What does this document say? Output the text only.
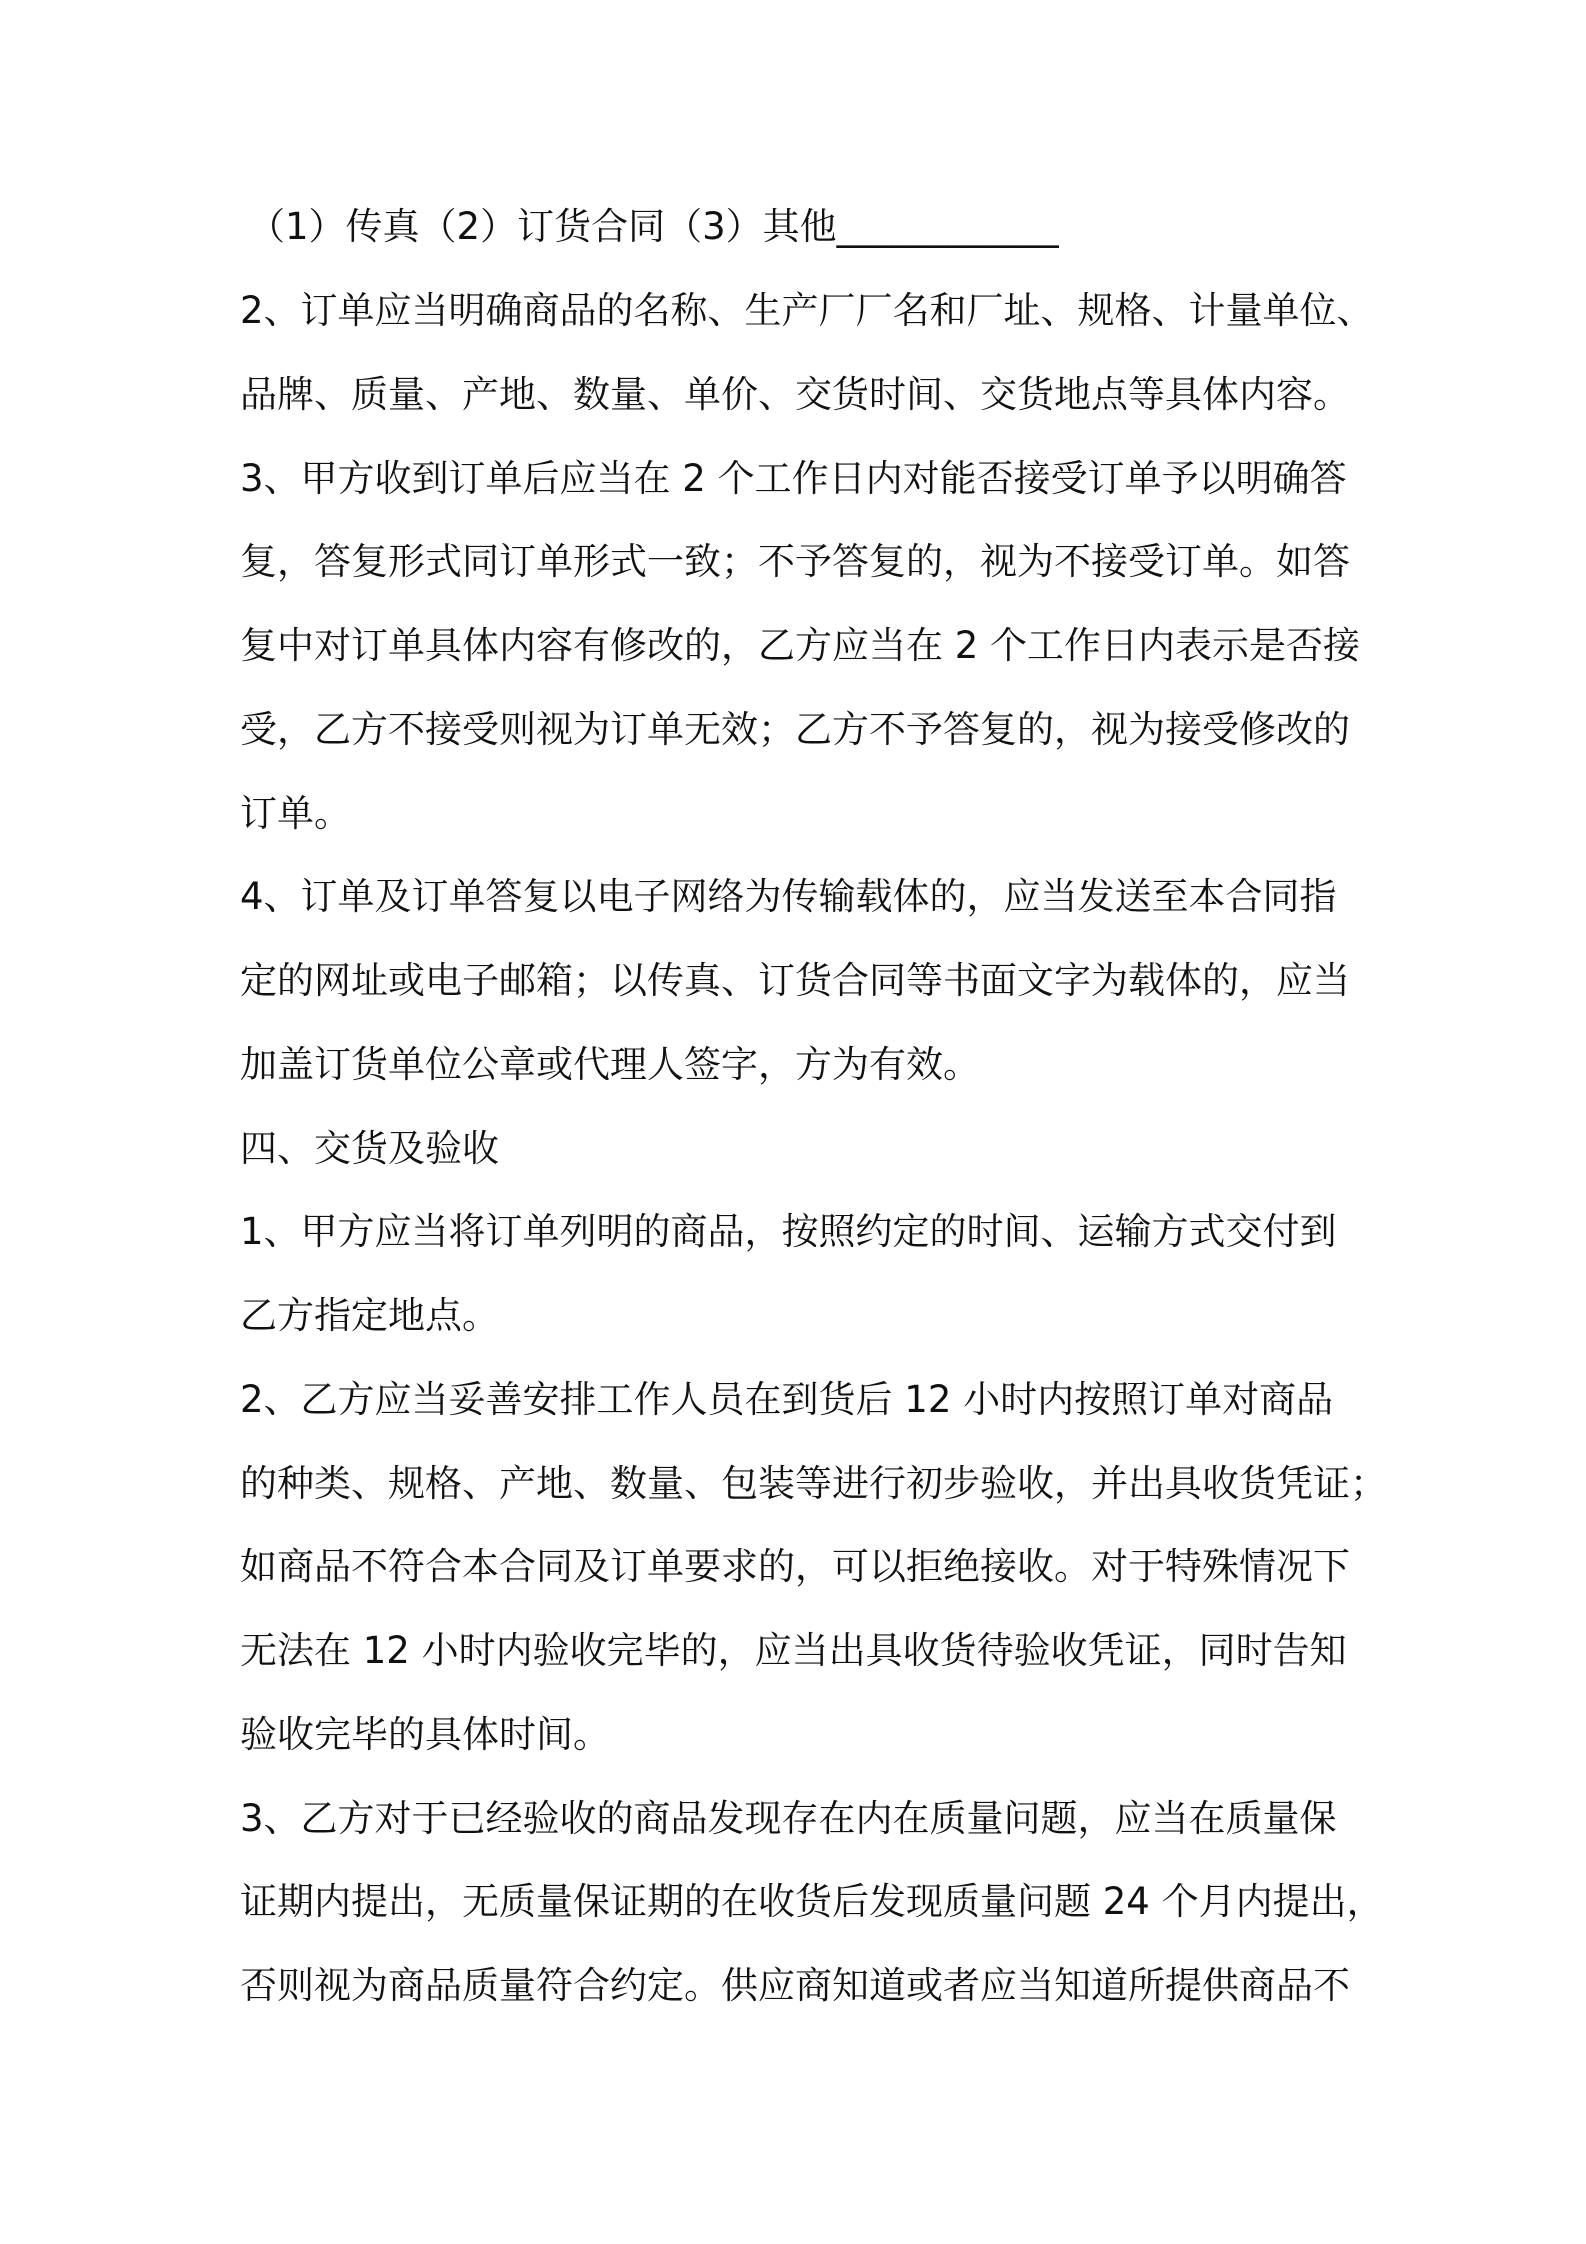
（1）传真（2）订货合同（3）其他____________

2、订单应当明确商品的名称、生产厂厂名和厂址、规格、计量单位、

品牌、质量、产地、数量、单价、交货时间、交货地点等具体内容。

3、甲方收到订单后应当在 2 个工作日内对能否接受订单予以明确答

复，答复形式同订单形式一致；不予答复的，视为不接受订单。如答

复中对订单具体内容有修改的，乙方应当在 2 个工作日内表示是否接

受，乙方不接受则视为订单无效；乙方不予答复的，视为接受修改的

订单。

4、订单及订单答复以电子网络为传输载体的，应当发送至本合同指

定的网址或电子邮箱；以传真、订货合同等书面文字为载体的，应当

加盖订货单位公章或代理人签字，方为有效。

四、交货及验收

1、甲方应当将订单列明的商品，按照约定的时间、运输方式交付到

乙方指定地点。

2、乙方应当妥善安排工作人员在到货后 12 小时内按照订单对商品

的种类、规格、产地、数量、包装等进行初步验收，并出具收货凭证；

如商品不符合本合同及订单要求的，可以拒绝接收。对于特殊情况下

无法在 12 小时内验收完毕的，应当出具收货待验收凭证，同时告知

验收完毕的具体时间。

3、乙方对于已经验收的商品发现存在内在质量问题，应当在质量保

证期内提出，无质量保证期的在收货后发现质量问题 24 个月内提出，

否则视为商品质量符合约定。供应商知道或者应当知道所提供商品不
